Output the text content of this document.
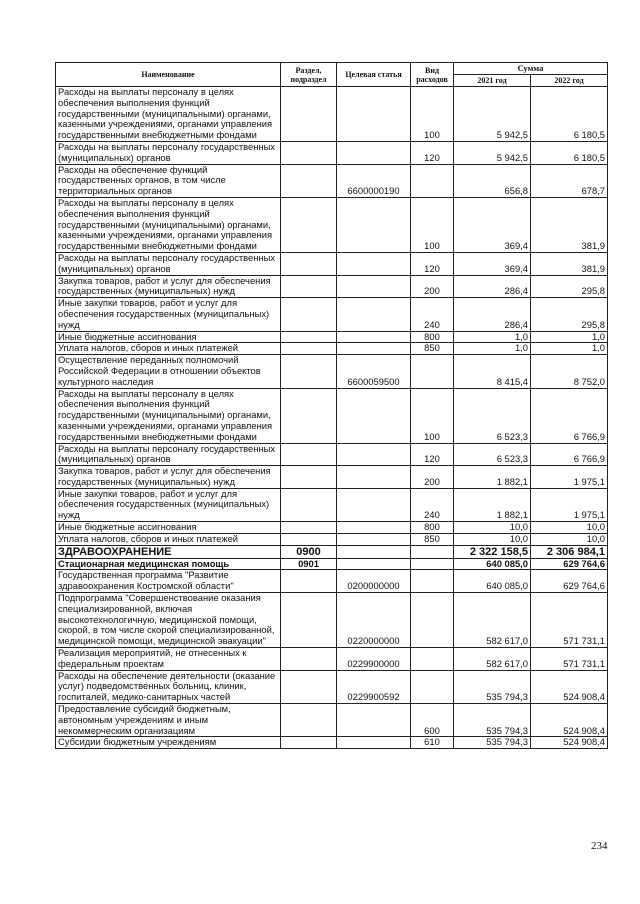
Наименование	Раздел, подраздел	Целевая статья	Вид расходов	Сумма	
				2021 год	2022 год
Расходы на выплаты персоналу в целях обеспечения выполнения функций государственными (муниципальными) органами, казенными учреждениями, органами управления государственными внебюджетными фондами			100	5 942,5	6 180,5
Расходы на выплаты персоналу государственных (муниципальных) органов			120	5 942,5	6 180,5
Расходы на обеспечение функций государственных органов, в том числе территориальных органов		6600000190		656,8	678,7
Расходы на выплаты персоналу в целях обеспечения выполнения функций государственными (муниципальными) органами, казенными учреждениями, органами управления государственными внебюджетными фондами			100	369,4	381,9
Расходы на выплаты персоналу государственных (муниципальных) органов			120	369,4	381,9
Закупка товаров, работ и услуг для обеспечения государственных (муниципальных) нужд			200	286,4	295,8
Иные закупки товаров, работ и услуг для обеспечения государственных (муниципальных) нужд			240	286,4	295,8
Иные бюджетные ассигнования			800	1,0	1,0
Уплата налогов, сборов и иных платежей			850	1,0	1,0
Осуществление переданных полномочий Российской Федерации в отношении объектов культурного наследия		6600059500		8 415,4	8 752,0
Расходы на выплаты персоналу в целях обеспечения выполнения функций государственными (муниципальными) органами, казенными учреждениями, органами управления государственными внебюджетными фондами			100	6 523,3	6 766,9
Расходы на выплаты персоналу государственных (муниципальных) органов			120	6 523,3	6 766,9
Закупка товаров, работ и услуг для обеспечения государственных (муниципальных) нужд			200	1 882,1	1 975,1
Иные закупки товаров, работ и услуг для обеспечения государственных (муниципальных) нужд			240	1 882,1	1 975,1
Иные бюджетные ассигнования			800	10,0	10,0
Уплата налогов, сборов и иных платежей			850	10,0	10,0
ЗДРАВООХРАНЕНИЕ	0900			2 322 158,5	2 306 984,1
Стационарная медицинская помощь	0901			640 085,0	629 764,6
Государственная программа "Развитие здравоохранения Костромской области"		0200000000		640 085,0	629 764,6
Подпрограмма "Совершенствование оказания специализированной, включая высокотехнологичную, медицинской помощи, скорой, в том числе скорой специализированной, медицинской помощи, медицинской эвакуации"		0220000000		582 617,0	571 731,1
Реализация мероприятий, не отнесенных к федеральным проектам		0229900000		582 617,0	571 731,1
Расходы на обеспечение деятельности (оказание услуг) подведомственных больниц, клиник, госпиталей, медико-санитарных частей		0229900592		535 794,3	524 908,4
Предоставление субсидий бюджетным, автономным учреждениям и иным некоммерческим организациям			600	535 794,3	524 908,4
Субсидии бюджетным учреждениям			610	535 794,3	524 908,4
234
